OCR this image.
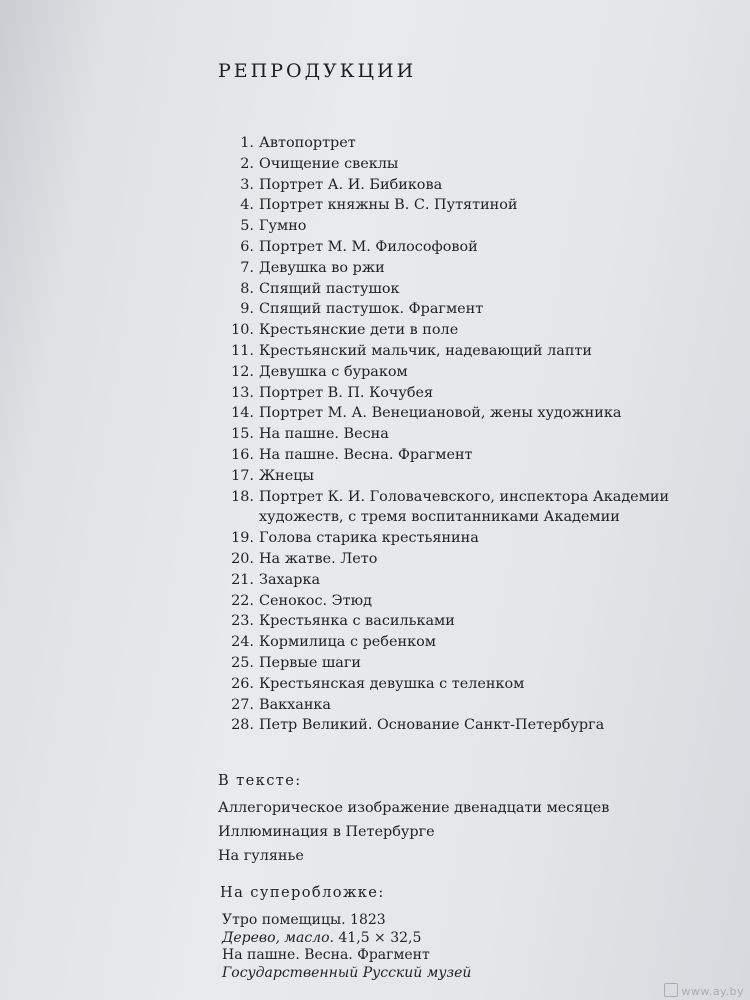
РЕПРОДУКЦИИ
1. Автопортрет
2. Очищение свеклы
3. Портрет А. И. Бибикова
4. Портрет княжны В. С. Путятиной
5. Гумно
6. Портрет М. М. Философовой
7. Девушка во ржи
8. Спящий пастушок
9. Спящий пастушок. Фрагмент
10. Крестьянские дети в поле
11. Крестьянский мальчик, надевающий лапти
12. Девушка с бураком
13. Портрет В. П. Кочубея
14. Портрет М. А. Венециановой, жены художника
15. На пашне. Весна
16. На пашне. Весна. Фрагмент
17. Жнецы
18. Портрет К. И. Головачевского, инспектора Академии
художеств, с тремя воспитанниками Академии
19. Голова старика крестьянина
20. На жатве. Лето
21. Захарка
22. Сенокос. Этюд
23. Крестьянка с васильками
24. Кормилица с ребенком
25. Первые шаги
26. Крестьянская девушка с теленком
27. Вакханка
28. Петр Великий. Основание Санкт-Петербурга
В тексте:
Аллегорическое изображение двенадцати месяцев
Иллюминация в Петербурге
На гулянье
На суперобложке:
Утро помещицы. 1823
Дерево, масло. 41,5 × 32,5
На пашне. Весна. Фрагмент
Государственный Русский музей
www.ay.by
